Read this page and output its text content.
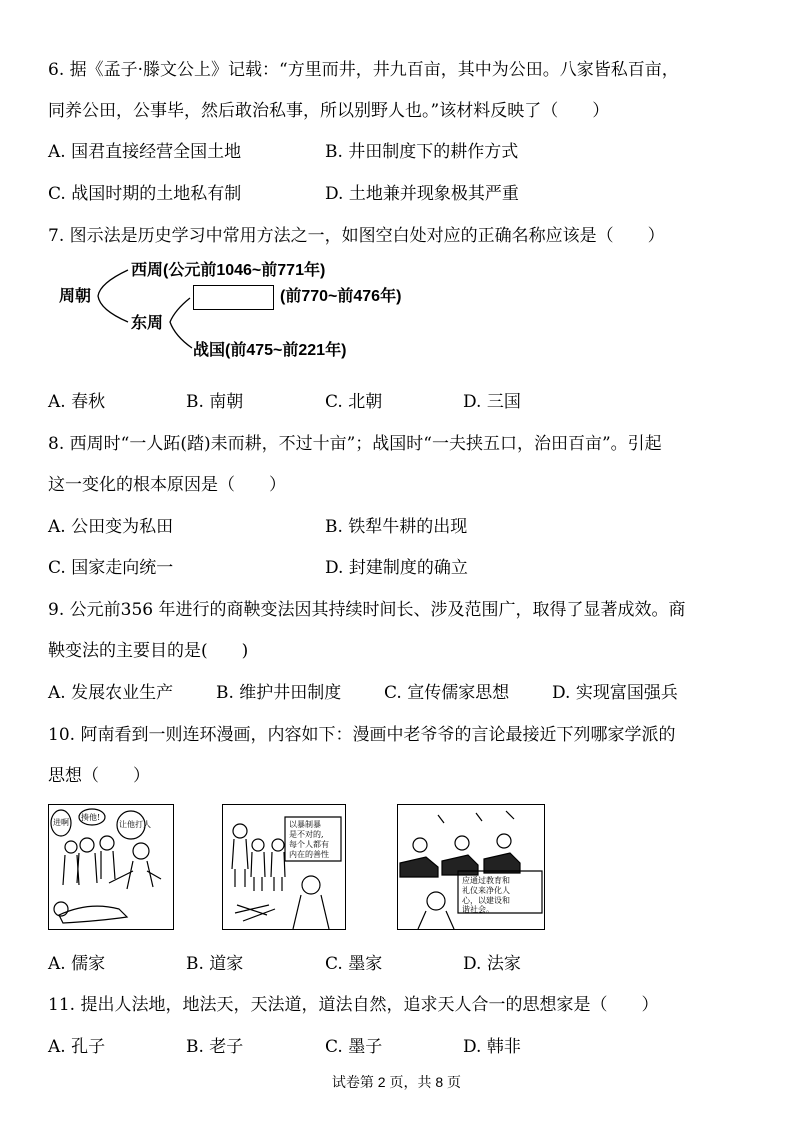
6. 据《孟子·滕文公上》记载：“方里而井，井九百亩，其中为公田。八家皆私百亩，
同养公田，公事毕，然后敢治私事，所以别野人也。”该材料反映了（　　）
A. 国君直接经营全国土地	B. 井田制度下的耕作方式
C. 战国时期的土地私有制	D. 土地兼并现象极其严重
7. 图示法是历史学习中常用方法之一，如图空白处对应的正确名称应该是（　　）
周朝
西周(公元前1046~前771年)
东周
(前770~前476年)
战国(前475~前221年)
A. 春秋	B. 南朝	C. 北朝	D. 三国
8. 西周时“一人跖(踏)耒而耕，不过十亩”；战国时“一夫挟五口，治田百亩”。引起
这一变化的根本原因是（　　）
A. 公田变为私田	B. 铁犁牛耕的出现
C. 国家走向统一	D. 封建制度的确立
9. 公元前356 年进行的商鞅变法因其持续时间长、涉及范围广，取得了显著成效。商
鞅变法的主要目的是(　　)
A. 发展农业生产	B. 维护井田制度	C. 宣传儒家思想	D. 实现富国强兵
10. 阿南看到一则连环漫画，内容如下：漫画中老爷爷的言论最接近下列哪家学派的
思想（　　）
进啊
揍他!
让他打人	以暴制暴
是不对的,
每个人都有
内在的善性
应通过教育和
礼仪来净化人
心，以建设和
谐社会。
A. 儒家	B. 道家	C. 墨家	D. 法家
11. 提出人法地，地法天，天法道，道法自然，追求天人合一的思想家是（　　）
A. 孔子	B. 老子	C. 墨子	D. 韩非
试卷第 2 页，共 8 页
